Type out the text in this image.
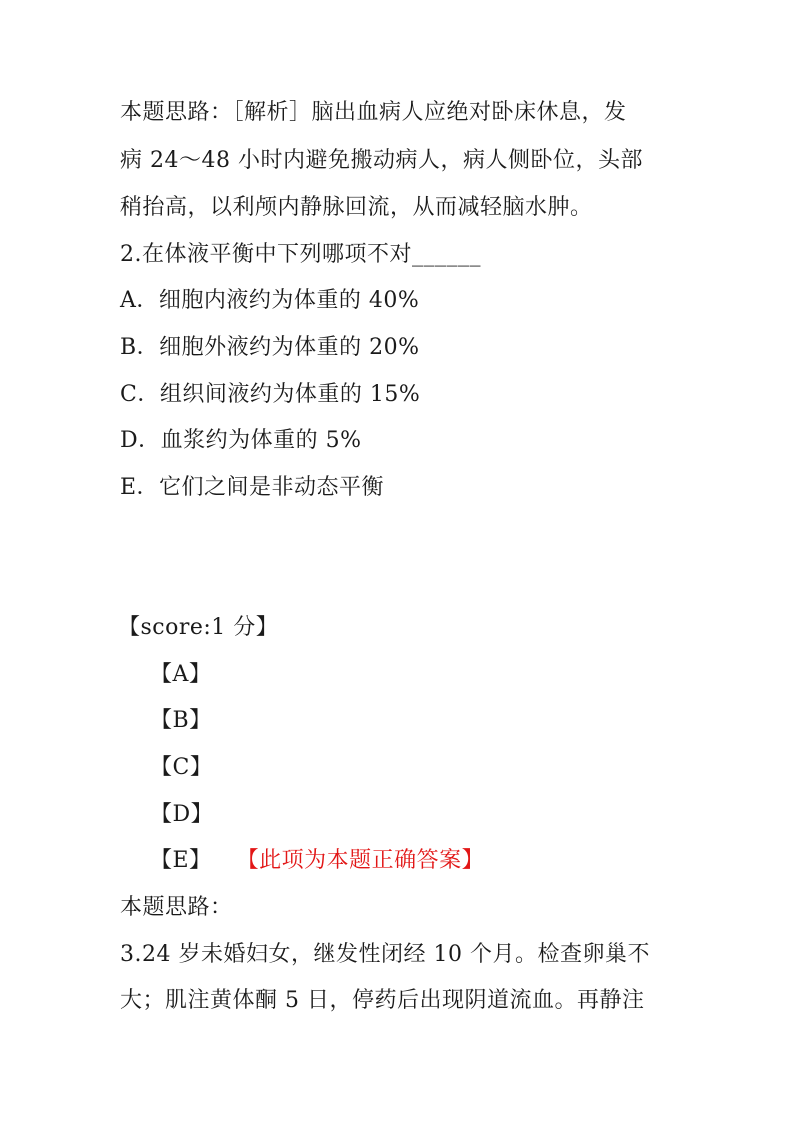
本题思路：［解析］脑出血病人应绝对卧床休息，发
病 24～48 小时内避免搬动病人，病人侧卧位，头部
稍抬高，以利颅内静脉回流，从而减轻脑水肿。
2.在体液平衡中下列哪项不对______
A．细胞内液约为体重的 40%
B．细胞外液约为体重的 20%
C．组织间液约为体重的 15%
D．血浆约为体重的 5%
E．它们之间是非动态平衡
【score:1 分】
【A】
【B】
【C】
【D】
【E】 【此项为本题正确答案】
本题思路：
3.24 岁未婚妇女，继发性闭经 10 个月。检查卵巢不
大；肌注黄体酮 5 日，停药后出现阴道流血。再静注
